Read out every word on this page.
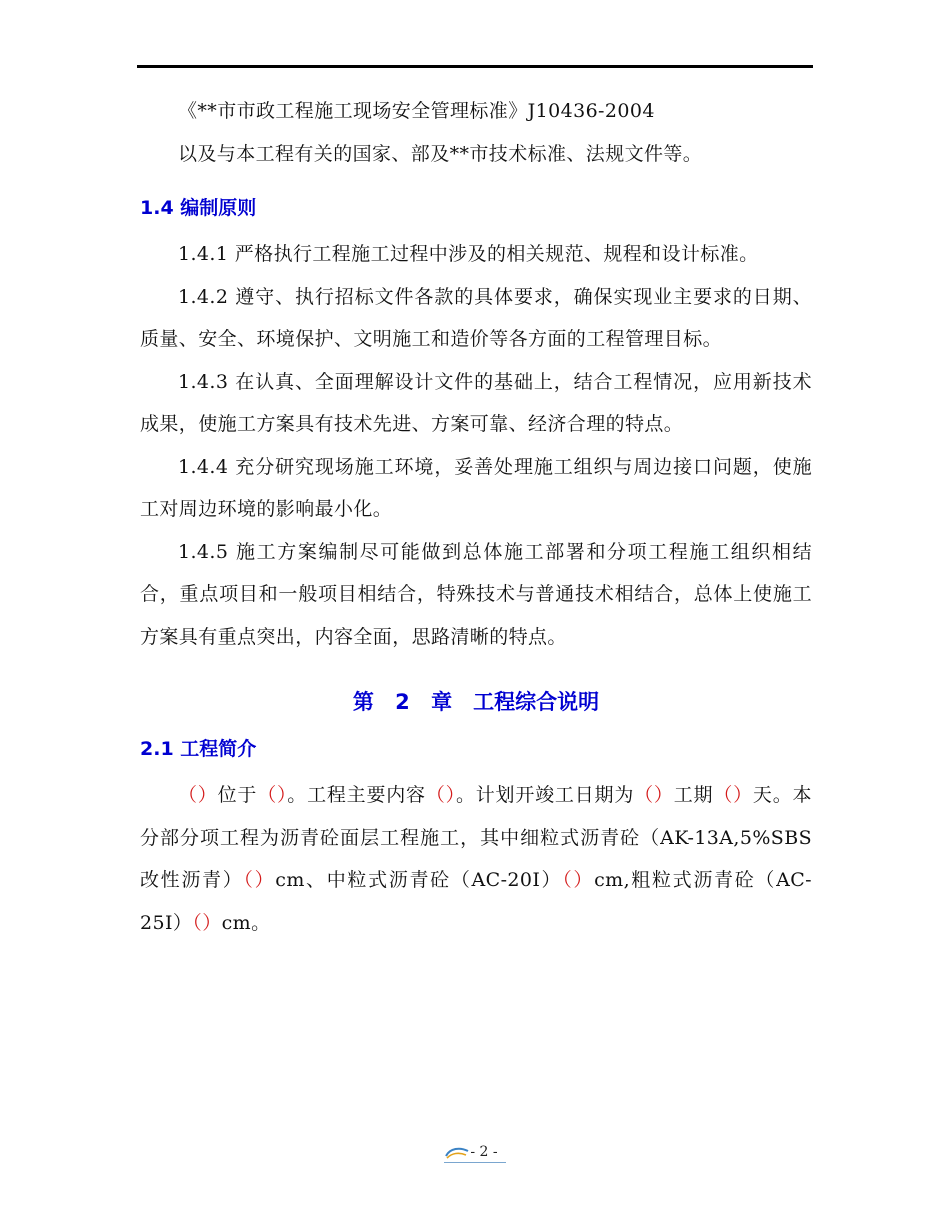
《**市市政工程施工现场安全管理标准》J10436-2004

以及与本工程有关的国家、部及**市技术标准、法规文件等。

1.4 编制原则

1.4.1 严格执行工程施工过程中涉及的相关规范、规程和设计标准。

1.4.2 遵守、执行招标文件各款的具体要求，确保实现业主要求的日期、质量、安全、环境保护、文明施工和造价等各方面的工程管理目标。

1.4.3 在认真、全面理解设计文件的基础上，结合工程情况，应用新技术成果，使施工方案具有技术先进、方案可靠、经济合理的特点。

1.4.4 充分研究现场施工环境，妥善处理施工组织与周边接口问题，使施工对周边环境的影响最小化。

1.4.5 施工方案编制尽可能做到总体施工部署和分项工程施工组织相结合，重点项目和一般项目相结合，特殊技术与普通技术相结合，总体上使施工方案具有重点突出，内容全面，思路清晰的特点。

第 2 章　工程综合说明
2.1 工程简介

（）位于（）。工程主要内容（）。计划开竣工日期为（）工期（）天。本分部分项工程为沥青砼面层工程施工，其中细粒式沥青砼（AK-13A,5%SBS改性沥青）（）cm、中粒式沥青砼（AC-20I）（）cm,粗粒式沥青砼（AC-25I）（）cm。

- 2 -
